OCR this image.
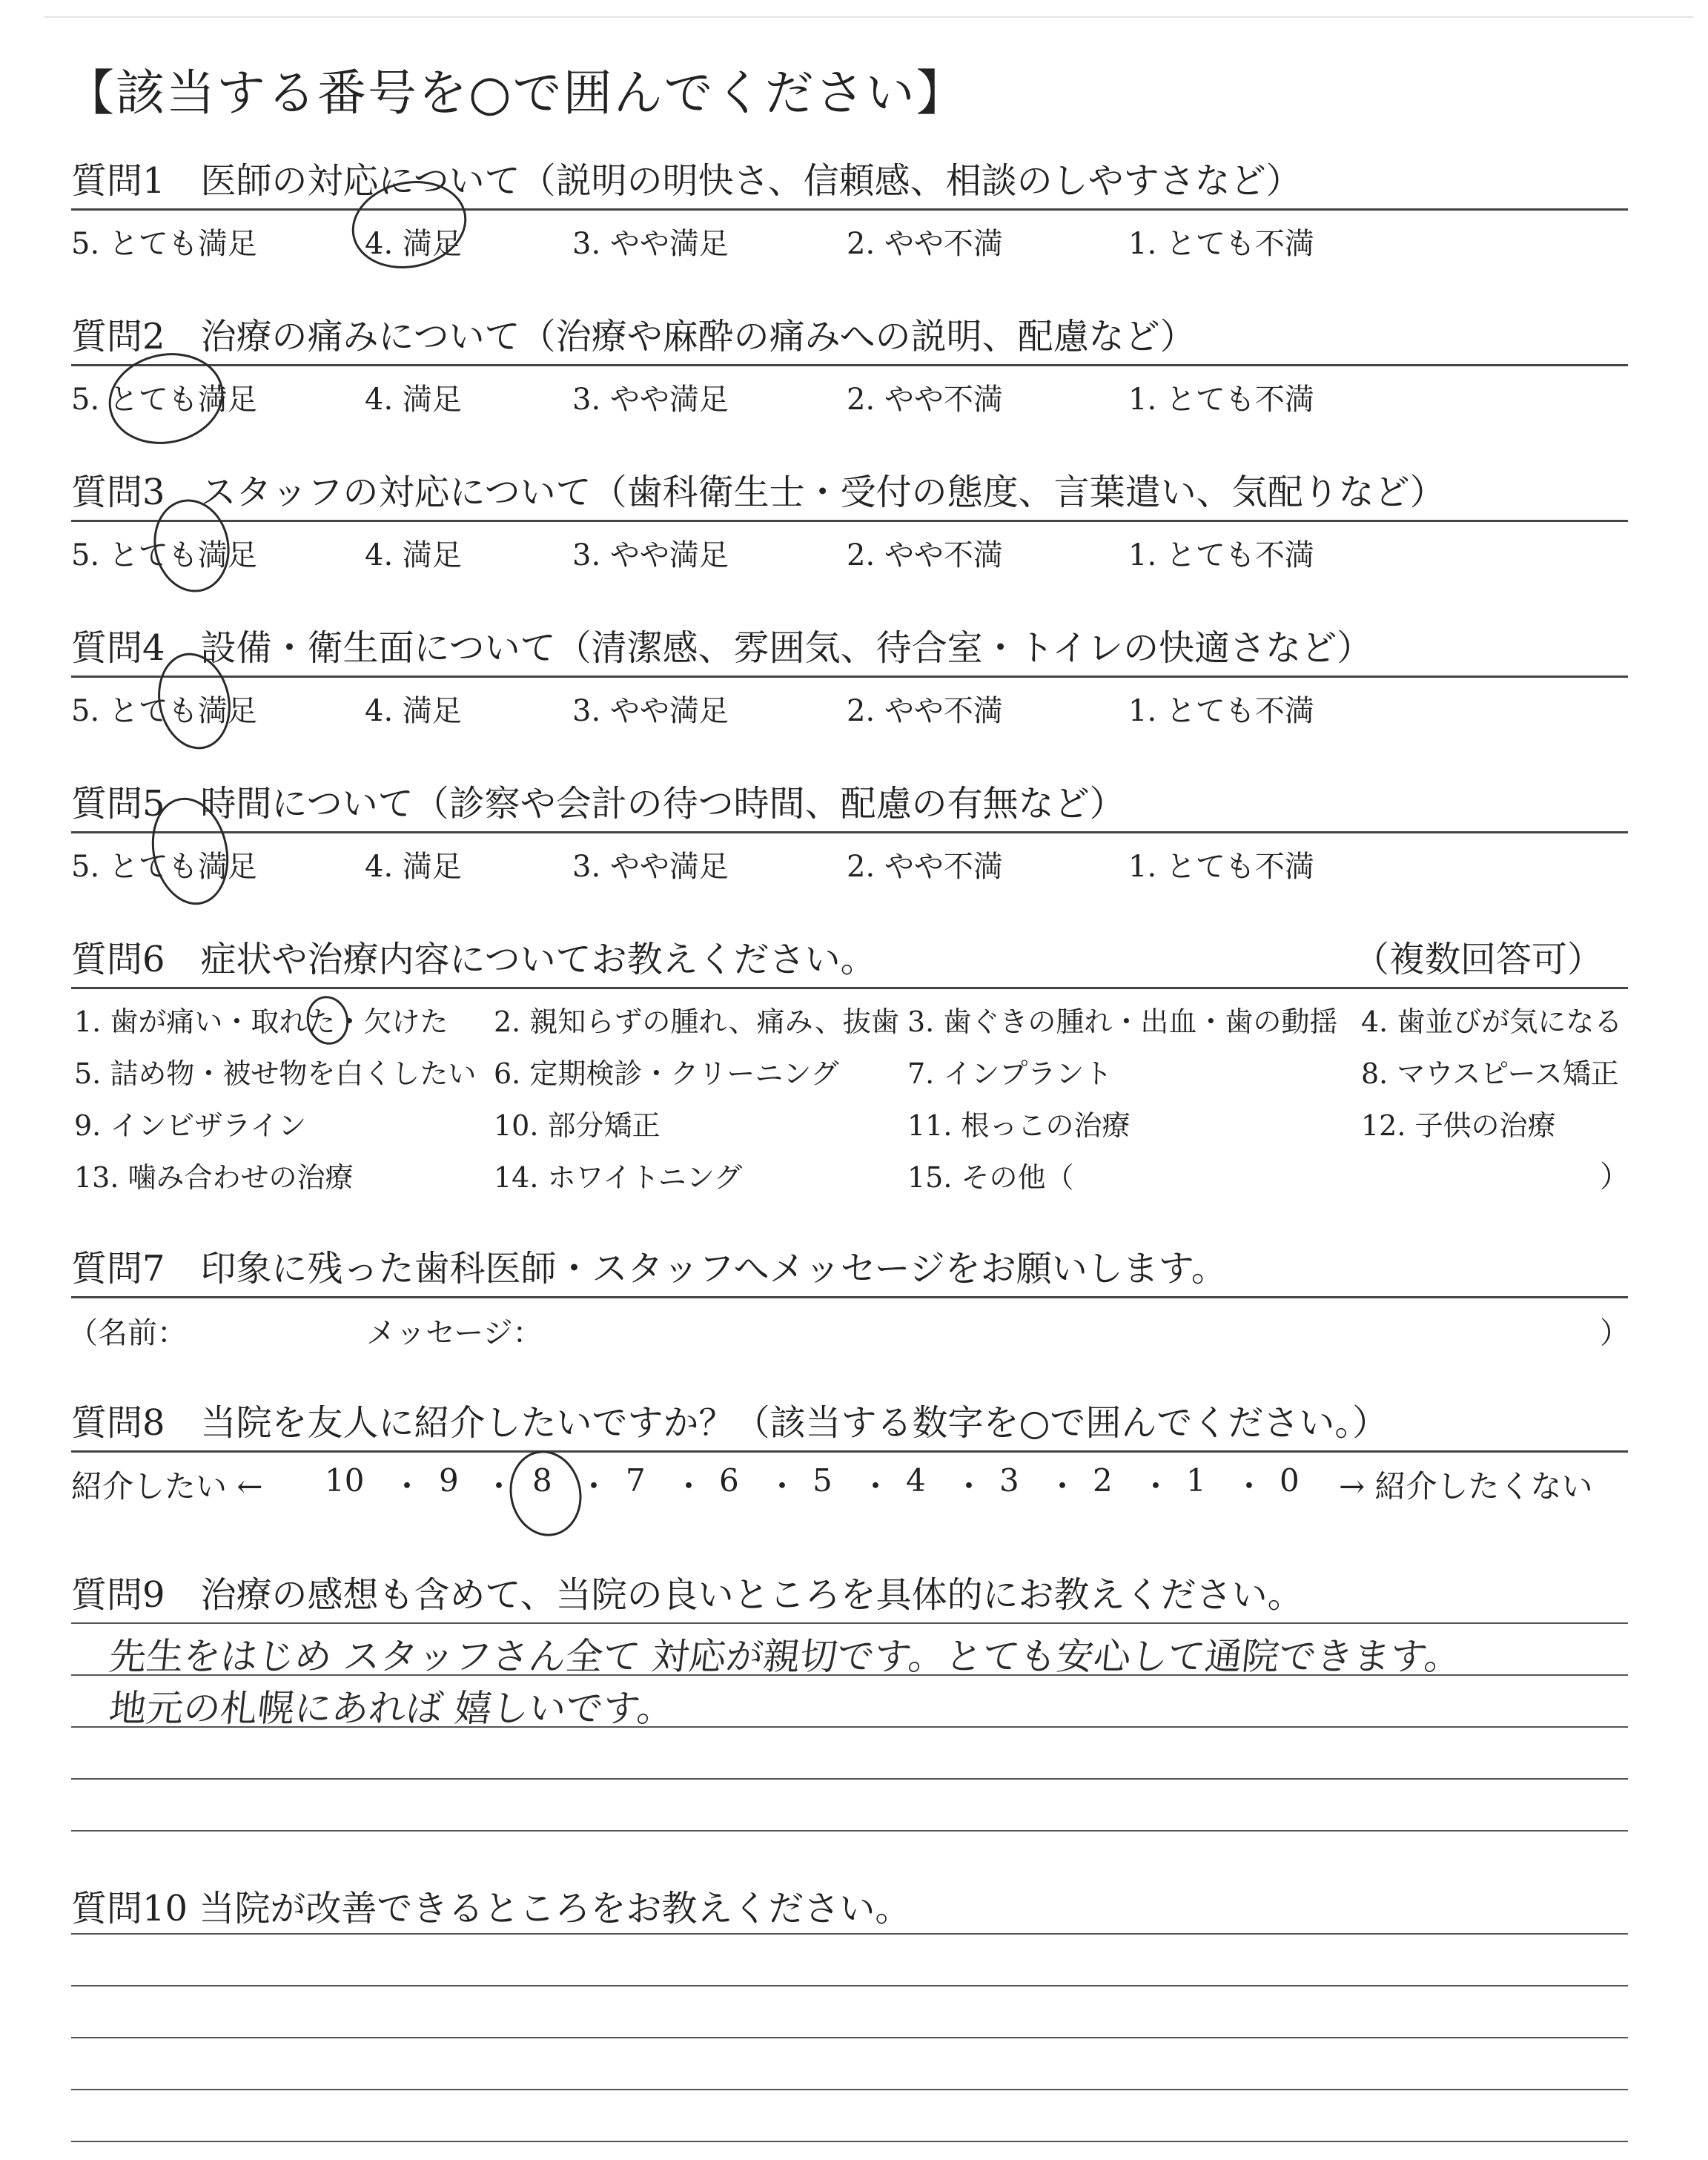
【該当する番号を○で囲んでください】
質問1　医師の対応について（説明の明快さ、信頼感、相談のしやすさなど）
5. とても満足	4. 満足	3. やや満足	2. やや不満	1. とても不満
質問2　治療の痛みについて（治療や麻酔の痛みへの説明、配慮など）
5. とても満足	4. 満足	3. やや満足	2. やや不満	1. とても不満
質問3　スタッフの対応について（歯科衛生士・受付の態度、言葉遣い、気配りなど）
5. とても満足	4. 満足	3. やや満足	2. やや不満	1. とても不満
質問4　設備・衛生面について（清潔感、雰囲気、待合室・トイレの快適さなど）
5. とても満足	4. 満足	3. やや満足	2. やや不満	1. とても不満
質問5　時間について（診察や会計の待つ時間、配慮の有無など）
5. とても満足	4. 満足	3. やや満足	2. やや不満	1. とても不満
質問6　症状や治療内容についてお教えください。	（複数回答可）
1. 歯が痛い・取れた・欠けた 2. 親知らずの腫れ、痛み、抜歯 3. 歯ぐきの腫れ・出血・歯の動揺 4. 歯並びが気になる
5. 詰め物・被せ物を白くしたい 6. 定期検診・クリーニング 7. インプラント	8. マウスピース矯正
9. インビザライン	10. 部分矯正	11. 根っこの治療	12. 子供の治療
13. 噛み合わせの治療	14. ホワイトニング	15. その他（	）
質問7　印象に残った歯科医師・スタッフへメッセージをお願いします。
（名前：	メッセージ：	）
質問8　当院を友人に紹介したいですか？（該当する数字を○で囲んでください。）
紹介したい ← 10 ・ 9 ・ 8 ・ 7 ・ 6 ・ 5 ・ 4 ・ 3 ・ 2 ・ 1 ・ 0 → 紹介したくない
質問9　治療の感想も含めて、当院の良いところを具体的にお教えください。
先生をはじめ スタッフさん全て 対応が親切です。とても安心して通院できます。
地元の札幌にあれば 嬉しいです。
質問10 当院が改善できるところをお教えください。
